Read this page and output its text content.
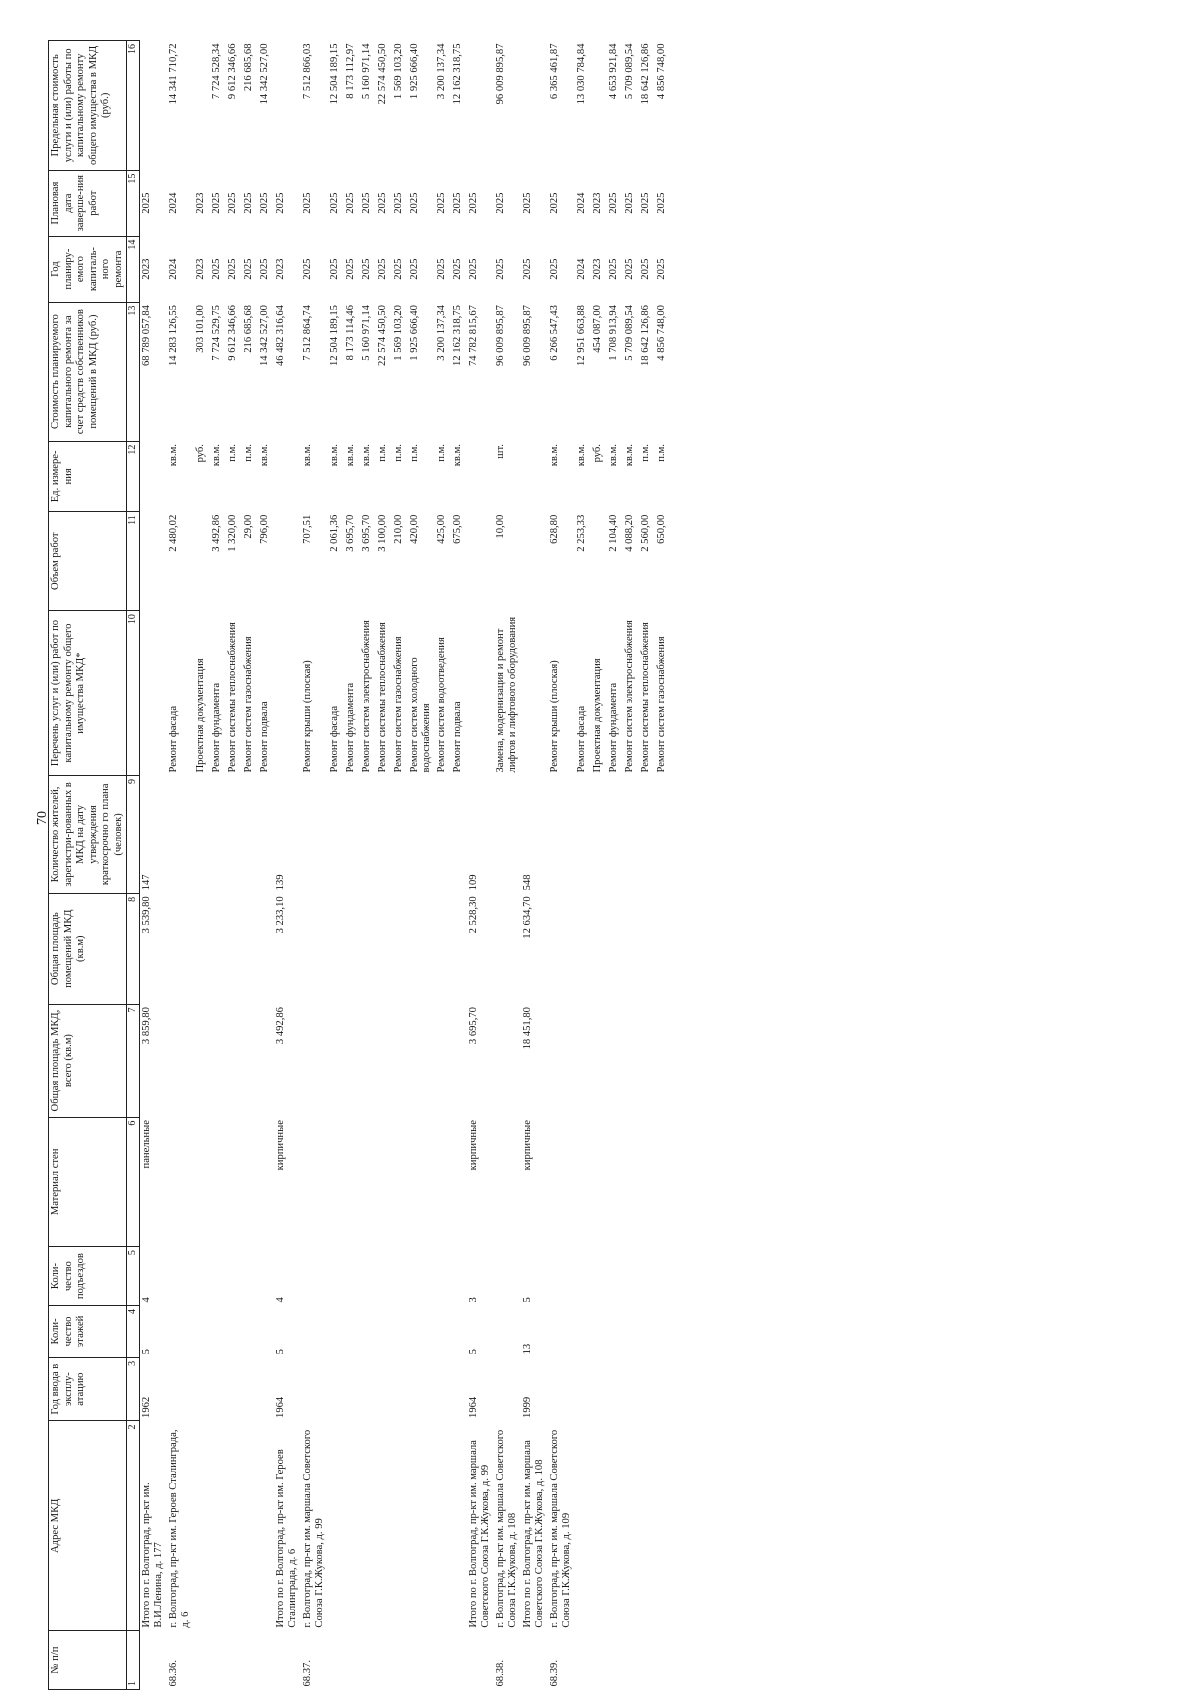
70
№ п/п	Адрес МКД	Год ввода в эксплу-атацию	Коли-чество этажей	Коли-чество подъездов	Материал стен	Общая площадь МКД, всего (кв.м)	Общая площадь помещений МКД (кв.м)	Количество жителей, зарегистри-рованных в МКД на дату утверждения краткосрочно го плана (человек)	Перечень услуг и (или) работ по капитальному ремонту общего имущества МКД*	Объем работ	Ед. измере-ния	Стоимость планируемого капитального ремонта за счет средств собственников помещений в МКД (руб.)	Год планиру-емого капиталь-ного ремонта	Плановая дата заверше-ния работ	Предельная стоимость услуги и (или) работы по капитальному ремонту общего имущества в МКД (руб.)
1	2	3	4	5	6	7	8	9	10	11	12	13	14	15	16
	Итого по г. Волгоград, пр-кт им. В.И.Ленина, д. 177	1962	5	4	панельные	3 859,80	3 539,80	147				68 789 057,84	2023	2025	
68.36.	г. Волгоград, пр-кт им. Героев Сталинграда, д. 6								Ремонт фасада	2 480,02	кв.м.	14 283 126,55	2024	2024	14 341 710,72
									Проектная документация		руб.	303 101,00	2023	2023	
									Ремонт фундамента	3 492,86	кв.м.	7 724 529,75	2025	2025	7 724 528,34
									Ремонт системы теплоснабжения	1 320,00	п.м.	9 612 346,66	2025	2025	9 612 346,66
									Ремонт систем газоснабжения	29,00	п.м.	216 685,68	2025	2025	216 685,68
									Ремонт подвала	796,00	кв.м.	14 342 527,00	2025	2025	14 342 527,00
	Итого по г. Волгоград, пр-кт им. Героев Сталинграда, д. 6	1964	5	4	кирпичные	3 492,86	3 233,10	139				46 482 316,64	2023	2025	
68.37.	г. Волгоград, пр-кт им. маршала Советского Союза Г.К.Жукова, д. 99								Ремонт крыши (плоская)	707,51	кв.м.	7 512 864,74	2025	2025	7 512 866,03
									Ремонт фасада	2 061,36	кв.м.	12 504 189,15	2025	2025	12 504 189,15
									Ремонт фундамента	3 695,70	кв.м.	8 173 114,46	2025	2025	8 173 112,97
									Ремонт систем электроснабжения	3 695,70	кв.м.	5 160 971,14	2025	2025	5 160 971,14
									Ремонт системы теплоснабжения	3 100,00	п.м.	22 574 450,50	2025	2025	22 574 450,50
									Ремонт систем газоснабжения	210,00	п.м.	1 569 103,20	2025	2025	1 569 103,20
									Ремонт систем холодного водоснабжения	420,00	п.м.	1 925 666,40	2025	2025	1 925 666,40
									Ремонт систем водоотведения	425,00	п.м.	3 200 137,34	2025	2025	3 200 137,34
									Ремонт подвала	675,00	кв.м.	12 162 318,75	2025	2025	12 162 318,75
	Итого по г. Волгоград, пр-кт им. маршала Советского Союза Г.К.Жукова, д. 99	1964	5	3	кирпичные	3 695,70	2 528,30	109				74 782 815,67	2025	2025	
68.38.	г. Волгоград, пр-кт им. маршала Советского Союза Г.К.Жукова, д. 108								Замена, модернизация и ремонт лифтов и лифтового оборудования	10,00	шт.	96 009 895,87	2025	2025	96 009 895,87
	Итого по г. Волгоград, пр-кт им. маршала Советского Союза Г.К.Жукова, д. 108	1999	13	5	кирпичные	18 451,80	12 634,70	548				96 009 895,87	2025	2025	
68.39.	г. Волгоград, пр-кт им. маршала Советского Союза Г.К.Жукова, д. 109								Ремонт крыши (плоская)	628,80	кв.м.	6 266 547,43	2025	2025	6 365 461,87
									Ремонт фасада	2 253,33	кв.м.	12 951 663,88	2024	2024	13 030 784,84
									Проектная документация		руб.	454 087,00	2023	2023	
									Ремонт фундамента	2 104,40	кв.м.	1 708 913,94	2025	2025	4 653 921,84
									Ремонт систем электроснабжения	4 088,20	кв.м.	5 709 089,54	2025	2025	5 709 089,54
									Ремонт системы теплоснабжения	2 560,00	п.м.	18 642 126,86	2025	2025	18 642 126,86
									Ремонт систем газоснабжения	650,00	п.м.	4 856 748,00	2025	2025	4 856 748,00
